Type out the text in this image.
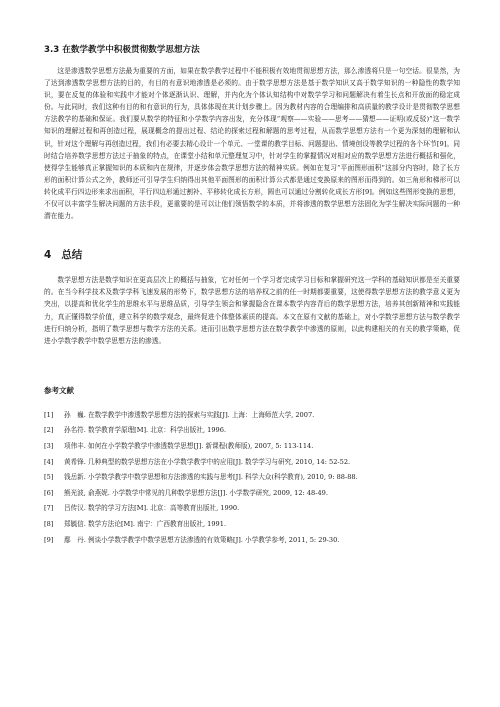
3.3 在数学教学中积极贯彻数学思想方法

这是渗透数学思想方法最为重要的方面，如果在数学教学过程中不能积极有效地贯彻思想方法，那么渗透将只是一句空话。很显然，为了达到渗透数学思想方法的目的，有目的有意识地渗透是必须的。由于数学思想方法是基于数学知识又高于数学知识的一种隐性的数学知识，要在反复的体验和实践中才能对个体逐渐认识、理解，并内化为个体认知结构中对数学学习和问题解决有着生长点和开放面的稳定成份。与此同时，我们这种有目的和有意识的行为，具体体现在其计划步骤上。因为教材内容的合理编排和高质量的教学设计是贯彻数学思想方法教学的基础和保证。我们要从数学的特征和小学数学内容出发，充分体现“观察——实验——思考——猜想——证明(或反驳)”这一数学知识的理解过程和再创造过程，展现概念的提出过程、结论的探索过程和解题的思考过程，从而数学思想方法有一个更为深刻的理解和认识，针对这个理解与再创造过程，我们有必要去精心设计一个单元、一堂课的教学目标、问题提出、情境创设等教学过程的各个环节[9]。同时结合培养数学思想方法过于抽象的特点，在课堂小结和单元整理复习中，针对学生的掌握情况对相对应的数学思想方法进行概括和强化，使得学生能够真正掌握知识的本质和内在规律，并逐步体会数学思想方法的精神实质。例如在复习“平面图形面积”这部分内容时，除了长方形的面积计算公式之外，教师还可引导学生归纳得出其他平面图形的面积计算公式都是通过变换原来的图形而得到的。如三角形和梯形可以转化成平行四边形来求出面积，平行四边形通过割补、平移转化成长方形，圆也可以通过分割转化成长方形[9]。例如这些图形变换的思想，不仅可以丰富学生解决问题的方法手段，更重要的是可以让他们领悟数学的本质，并将渗透的数学思想方法固化为学生解决实际问题的一种潜在能力。

4 总结

数学思想方法是数学知识在更高层次上的概括与抽象，它对任何一个学习者完成学习目标和掌握研究这一学科的基础知识都是至关重要的。在当今科学技术及数学学科飞速发展的形势下，数学思想方法的培养权之前的任一时期都要重要，这使得数学思想方法的教学意义更为突出，以提高和优化学生的思维水平与思维品质，引导学生领会和掌握隐含在课本数学内容背后的数学思想方法，培养其创新精神和实践能力，真正懂得数学价值，建立科学的数学观念，最终促进个体整体素质的提高。本文在原有文献的基础上，对小学数学思想方法与数学教学进行归纳分析，指明了数学思想与数学方法的关系。进而引出数学思想方法在数学教学中渗透的原则，以此构建相关的有关的教学策略，促进小学数学教学中数学思想方法的渗透。

参考文献
[1] 孙　巍. 在数学教学中渗透数学思想方法的探索与实践[J]. 上海：上海师范大学, 2007.
[2] 孙名符. 数学教育学原理[M]. 北京：科学出版社, 1996.
[3] 项伟丰. 如何在小学数学教学中渗透数学思想[J]. 新课程(教师版), 2007, 5: 113-114.
[4] 黄希锋. 几种典型的数学思想方法在小学数学教学中的应用[J]. 数学学习与研究, 2010, 14: 52-52.
[5] 钱岳新. 小学数学教学中数学思想和方法渗透的实践与思考[J]. 科学大众(科学教育), 2010, 9: 88-88.
[6] 熊光波, 俞燕妮. 小学数学中常见的几种数学思想方法[J]. 小学数学研究, 2009, 12: 48-49.
[7] 吕传汉. 数学的学习方法[M]. 北京：高等教育出版社, 1990.
[8] 郑毓信. 数学方法论[M]. 南宁：广西教育出版社, 1991.
[9] 鄢　丹. 例谈小学数学教学中数学思想方法渗透的有效策略[J]. 小学教学参考, 2011, 5: 29-30.
